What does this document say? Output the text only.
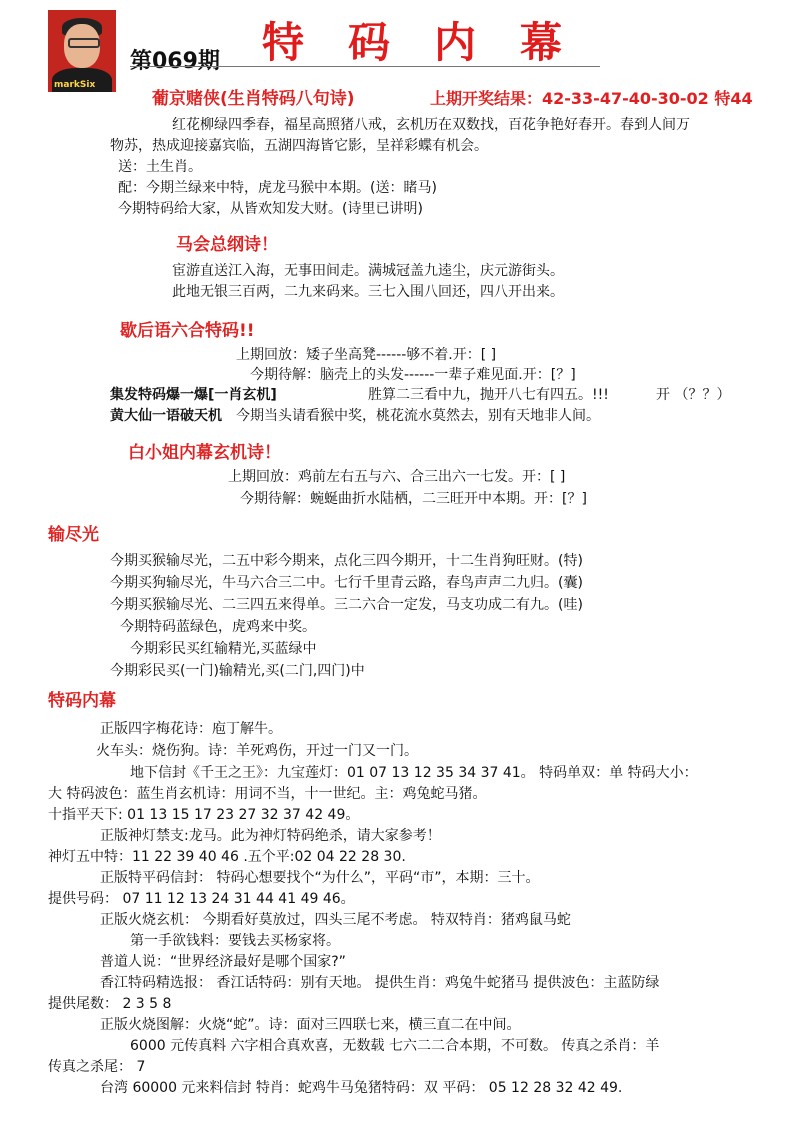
markSix
第069期 特码内幕
葡京赌侠(生肖特码八句诗)	上期开奖结果：42-33-47-40-30-02 特44
红花柳绿四季春，福星高照猪八戒，玄机历在双数找，百花争艳好春开。春到人间万
物苏，热成迎接嘉宾临，五湖四海皆它影，呈祥彩蝶有机会。
送：土生肖。
配：今期兰绿来中特，虎龙马猴中本期。(送：睹马)
今期特码给大家，从皆欢知发大财。(诗里已讲明)
马会总纲诗！
宦游直送江入海，无事田间走。满城冠盖九逵尘，庆元游街头。
此地无银三百两，二九来码来。三七入围八回还，四八开出来。
歇后语六合特码!!
上期回放：矮子坐高凳------够不着.开：[ ]
今期待解：脑壳上的头发------一辈子难见面.开：[？]
集发特码爆一爆[一肖玄机]	胜算二三看中九，抛开八七有四五。!!!	开 （？？）
黄大仙一语破天机 今期当头请看猴中奖，桃花流水莫然去，别有天地非人间。
白小姐内幕玄机诗！
上期回放：鸡前左右五与六、合三出六一七发。开：[ ]
今期待解：蜿蜒曲折水陆栖，二三旺开中本期。开：[？]
输尽光
今期买猴输尽光，二五中彩今期来，点化三四今期开，十二生肖狗旺财。(特)
今期买狗输尽光，牛马六合三二中。七行千里青云路，春鸟声声二九归。(囊)
今期买猴输尽光、二三四五来得单。三二六合一定发，马支功成二有九。(哇)
今期特码蓝绿色，虎鸡来中奖。
今期彩民买红输精光,买蓝绿中
今期彩民买(一门)输精光,买(二门,四门)中
特码内幕
正版四字梅花诗：庖丁解牛。
火车头：烧伤狗。诗：羊死鸡伤，开过一门又一门。
地下信封《千王之王》：九宝莲灯：01 07 13 12 35 34 37 41。 特码单双：单 特码大小：
大 特码波色：蓝生肖玄机诗：用词不当，十一世纪。主：鸡兔蛇马猪。
十指平天下: 01 13 15 17 23 27 32 37 42 49。
正版神灯禁支:龙马。此为神灯特码绝杀，请大家参考！
神灯五中特：11 22 39 40 46 .五个平:02 04 22 28 30.
正版特平码信封： 特码心想要找个“为什么”，平码“市”，本期：三十。
提供号码： 07 11 12 13 24 31 44 41 49 46。
正版火烧玄机： 今期看好莫放过，四头三尾不考虑。 特双特肖：猪鸡鼠马蛇
第一手欲钱料：要钱去买杨家将。
普道人说：“世界经济最好是哪个国家?”
香江特码精选报： 香江话特码：别有天地。 提供生肖：鸡兔牛蛇猪马 提供波色：主蓝防绿
提供尾数： 2 3 5 8
正版火烧图解：火烧“蛇”。诗：面对三四联七来，横三直二在中间。
6000 元传真料 六字相合真欢喜，无数载 七六二二合本期，不可数。 传真之杀肖：羊
传真之杀尾： 7
台湾 60000 元来料信封 特肖：蛇鸡牛马兔猪特码：双 平码： 05 12 28 32 42 49.
